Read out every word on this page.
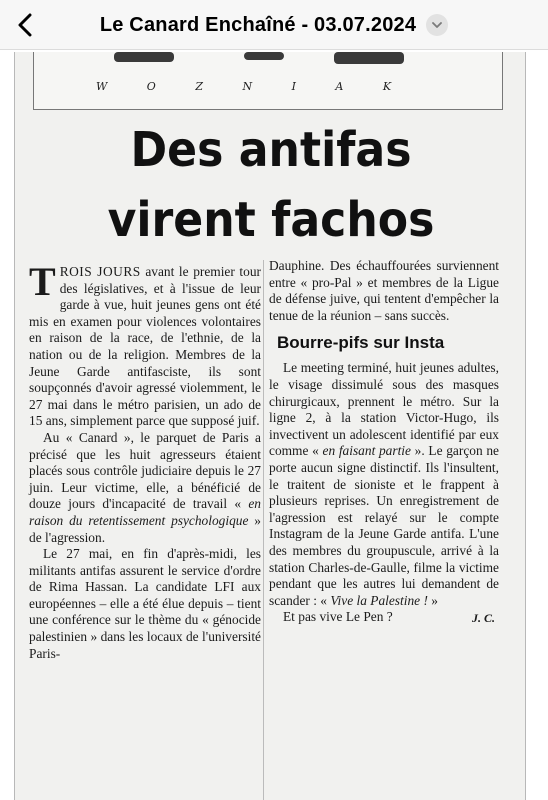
Le Canard Enchaîné - 03.07.2024
W O Z N I A K
Des antifas
virent fachos

TROIS JOURS avant le premier tour des législatives, et à l'issue de leur garde à vue, huit jeunes gens ont été mis en examen pour violences volontaires en raison de la race, de l'ethnie, de la nation ou de la religion. Membres de la Jeune Garde antifasciste, ils sont soupçonnés d'avoir agressé violemment, le 27 mai dans le métro parisien, un ado de 15 ans, simplement parce que supposé juif.

Au « Canard », le parquet de Paris a précisé que les huit agresseurs étaient placés sous contrôle judiciaire depuis le 27 juin. Leur victime, elle, a bénéficié de douze jours d'incapacité de travail « en raison du retentissement psychologique » de l'agression.

Le 27 mai, en fin d'après-midi, les militants antifas assurent le service d'ordre de Rima Hassan. La candidate LFI aux européennes – elle a été élue depuis – tient une conférence sur le thème du « génocide palestinien » dans les locaux de l'université Paris-

Dauphine. Des échauffourées surviennent entre « pro-Pal » et membres de la Ligue de défense juive, qui tentent d'empêcher la tenue de la réunion – sans succès.

Bourre-pifs sur Insta

Le meeting terminé, huit jeunes adultes, le visage dissimulé sous des masques chirurgicaux, prennent le métro. Sur la ligne 2, à la station Victor-Hugo, ils invectivent un adolescent identifié par eux comme « en faisant partie ». Le garçon ne porte aucun signe distinctif. Ils l'insultent, le traitent de sioniste et le frappent à plusieurs reprises. Un enregistrement de l'agression est relayé sur le compte Instagram de la Jeune Garde antifa. L'une des membres du groupuscule, arrivé à la station Charles-de-Gaulle, filme la victime pendant que les autres lui demandent de scander : « Vive la Palestine ! »

Et pas vive Le Pen ?	J. C.
